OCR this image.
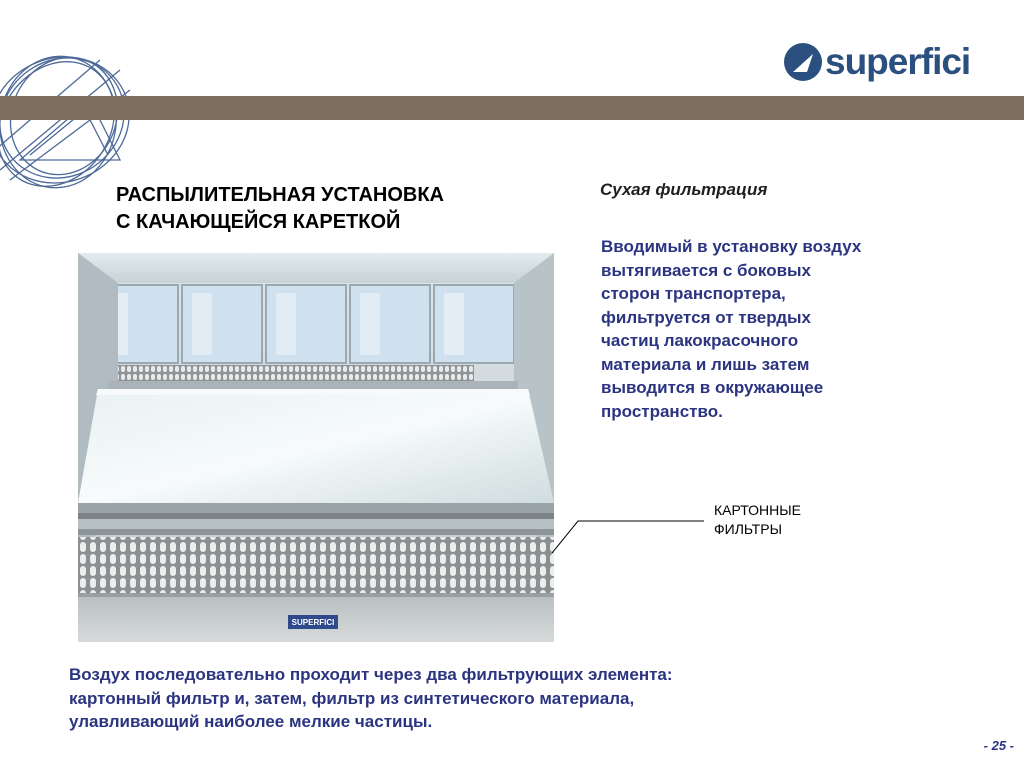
superfici
РАСПЫЛИТЕЛЬНАЯ УСТАНОВКА
С КАЧАЮЩЕЙСЯ КАРЕТКОЙ
SUPERFICI
Сухая фильтрация
Вводимый в установку воздух
вытягивается с боковых
сторон транспортера,
фильтруется от твердых
частиц лакокрасочного
материала и лишь затем
выводится в окружающее
пространство.
КАРТОННЫЕ
ФИЛЬТРЫ
Воздух последовательно проходит через два фильтрующих элемента:
картонный фильтр и, затем, фильтр из синтетического материала,
улавливающий наиболее мелкие частицы.
- 25 -
